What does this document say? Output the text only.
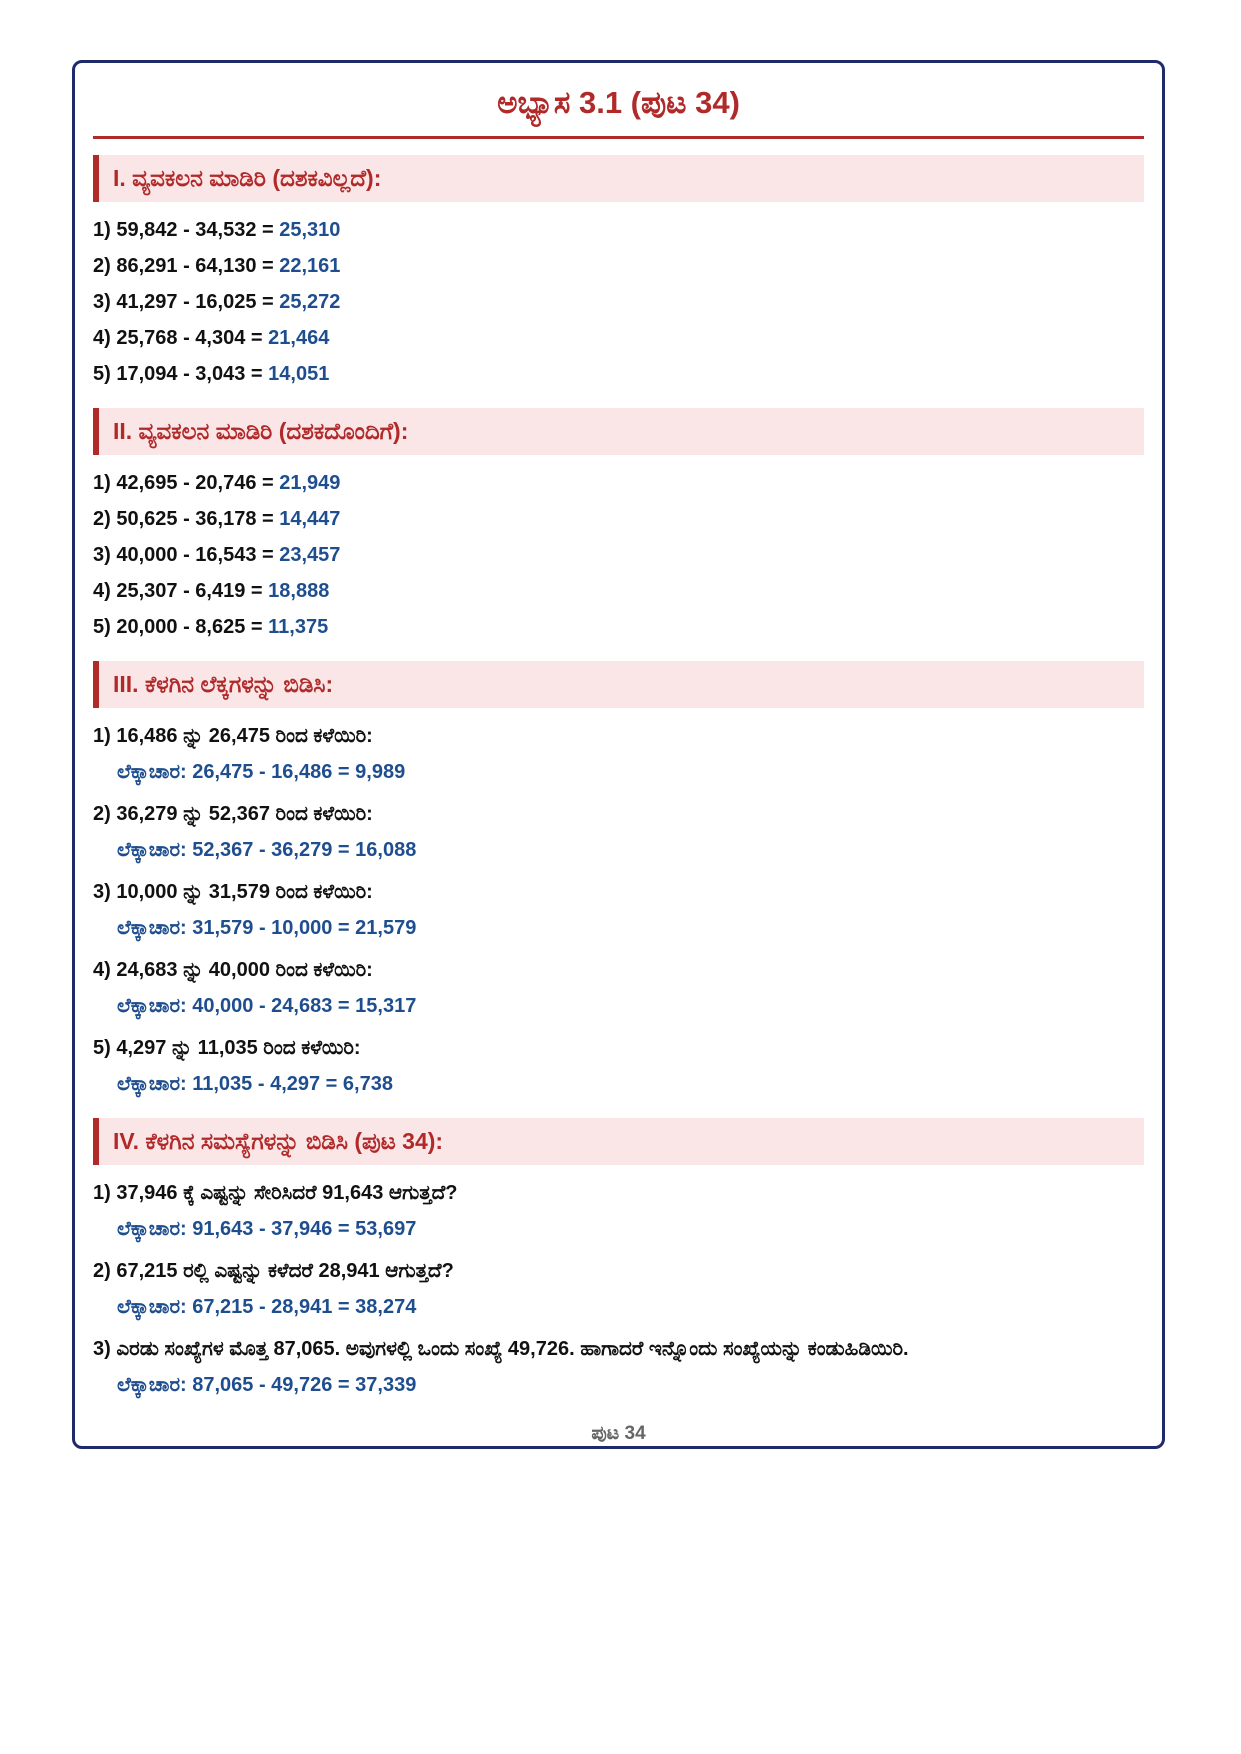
ಅಭ್ಯಾಸ 3.1 (ಪುಟ 34)
I. ವ್ಯವಕಲನ ಮಾಡಿರಿ (ದಶಕವಿಲ್ಲದೆ):
1) 59,842 - 34,532 = 25,310
2) 86,291 - 64,130 = 22,161
3) 41,297 - 16,025 = 25,272
4) 25,768 - 4,304 = 21,464
5) 17,094 - 3,043 = 14,051
II. ವ್ಯವಕಲನ ಮಾಡಿರಿ (ದಶಕದೊಂದಿಗೆ):
1) 42,695 - 20,746 = 21,949
2) 50,625 - 36,178 = 14,447
3) 40,000 - 16,543 = 23,457
4) 25,307 - 6,419 = 18,888
5) 20,000 - 8,625 = 11,375
III. ಕೆಳಗಿನ ಲೆಕ್ಕಗಳನ್ನು ಬಿಡಿಸಿ:
1) 16,486 ನ್ನು 26,475 ರಿಂದ ಕಳೆಯಿರಿ:
ಲೆಕ್ಕಾಚಾರ: 26,475 - 16,486 = 9,989
2) 36,279 ನ್ನು 52,367 ರಿಂದ ಕಳೆಯಿರಿ:
ಲೆಕ್ಕಾಚಾರ: 52,367 - 36,279 = 16,088
3) 10,000 ನ್ನು 31,579 ರಿಂದ ಕಳೆಯಿರಿ:
ಲೆಕ್ಕಾಚಾರ: 31,579 - 10,000 = 21,579
4) 24,683 ನ್ನು 40,000 ರಿಂದ ಕಳೆಯಿರಿ:
ಲೆಕ್ಕಾಚಾರ: 40,000 - 24,683 = 15,317
5) 4,297 ನ್ನು 11,035 ರಿಂದ ಕಳೆಯಿರಿ:
ಲೆಕ್ಕಾಚಾರ: 11,035 - 4,297 = 6,738
IV. ಕೆಳಗಿನ ಸಮಸ್ಯೆಗಳನ್ನು ಬಿಡಿಸಿ (ಪುಟ 34):
1) 37,946 ಕ್ಕೆ ಎಷ್ಟನ್ನು ಸೇರಿಸಿದರೆ 91,643 ಆಗುತ್ತದೆ?
ಲೆಕ್ಕಾಚಾರ: 91,643 - 37,946 = 53,697
2) 67,215 ರಲ್ಲಿ ಎಷ್ಟನ್ನು ಕಳೆದರೆ 28,941 ಆಗುತ್ತದೆ?
ಲೆಕ್ಕಾಚಾರ: 67,215 - 28,941 = 38,274
3) ಎರಡು ಸಂಖ್ಯೆಗಳ ಮೊತ್ತ 87,065. ಅವುಗಳಲ್ಲಿ ಒಂದು ಸಂಖ್ಯೆ 49,726. ಹಾಗಾದರೆ ಇನ್ನೊಂದು ಸಂಖ್ಯೆಯನ್ನು ಕಂಡುಹಿಡಿಯಿರಿ.
ಲೆಕ್ಕಾಚಾರ: 87,065 - 49,726 = 37,339
ಪುಟ 34
